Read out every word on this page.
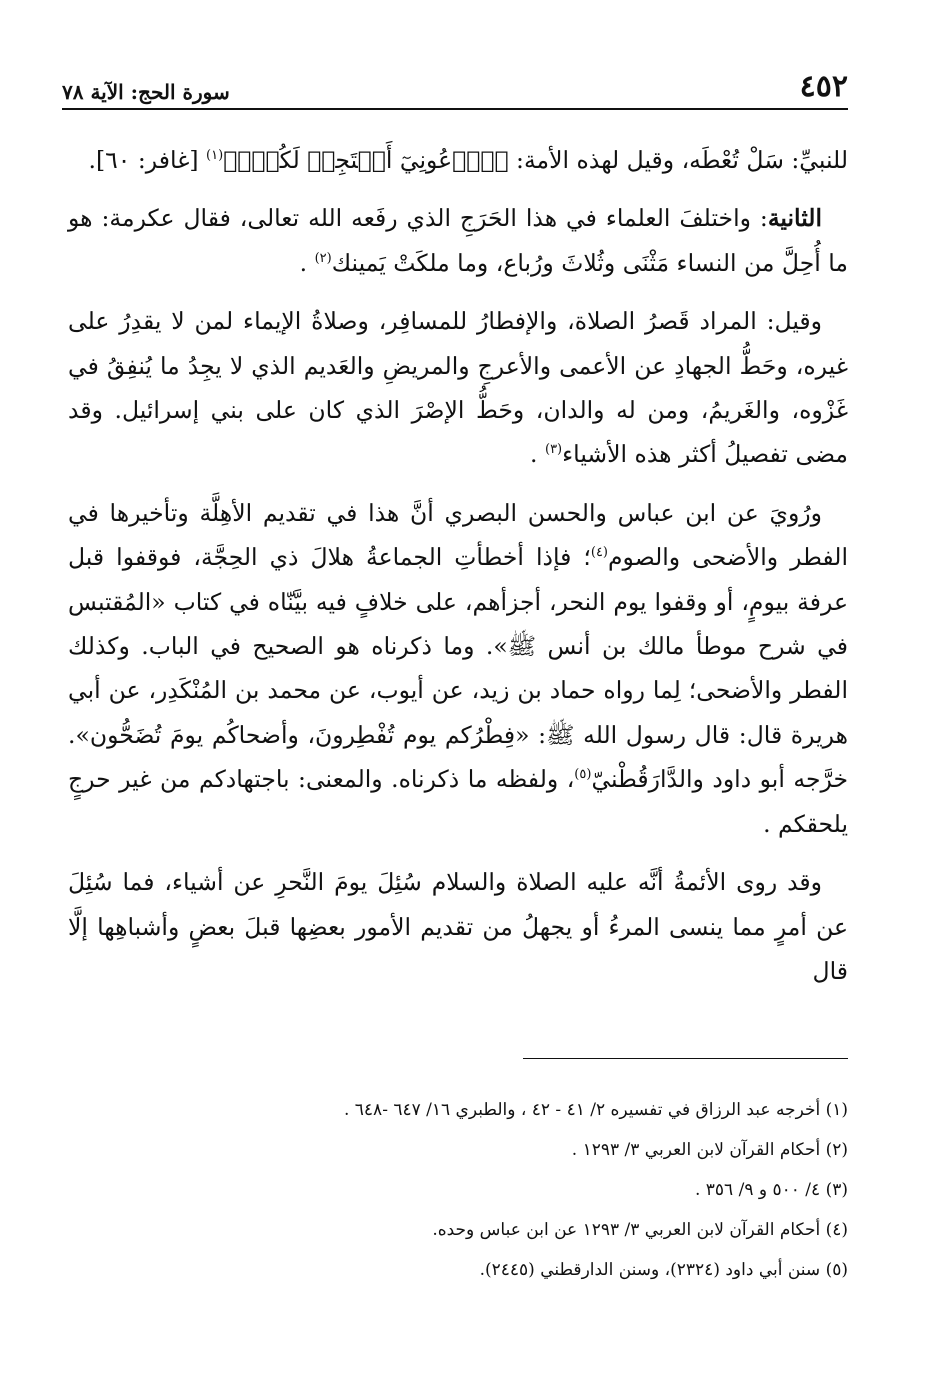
٤٥٢
سورة الحج: الآية ٧٨

للنبيِّ: سَلْ تُعْطَه، وقيل لهذه الأمة: ﴿ٱدۡعُونِيٓ أَسۡتَجِبۡ لَكُمۡۚ﴾$^{(١)}$ [غافر: ٦٠].

الثانية: واختلفَ العلماء في هذا الحَرَجِ الذي رفَعه الله تعالى، فقال عكرمة: هو ما أُحِلَّ من النساء مَثْنَى وثُلاثَ ورُباع، وما ملكَتْ يَمينك$^{(٢)}$ .

وقيل: المراد قَصرُ الصلاة، والإفطارُ للمسافِر، وصلاةُ الإيماء لمن لا يقدِرُ على غيره، وحَطُّ الجهادِ عن الأعمى والأعرجِ والمريضِ والعَديم الذي لا يجِدُ ما يُنفِقُ في غَزْوه، والغَريمُ، ومن له والدان، وحَطُّ الإصْرَ الذي كان على بني إسرائيل. وقد مضى تفصيلُ أكثر هذه الأشياء$^{(٣)}$ .

ورُويَ عن ابن عباس والحسن البصري أنَّ هذا في تقديم الأهِلَّة وتأخيرها في الفطر والأضحى والصوم$^{(٤)}$؛ فإذا أخطأتِ الجماعةُ هلالَ ذي الحِجَّة، فوقفوا قبل عرفة بيومٍ، أو وقفوا يوم النحر، أجزأهم، على خلافٍ فيه بيَّنّاه في كتاب «المُقتبس في شرح موطأ مالك بن أنس ﷺ». وما ذكرناه هو الصحيح في الباب. وكذلك الفطر والأضحى؛ لِما رواه حماد بن زيد، عن أيوب، عن محمد بن المُنْكَدِر، عن أبي هريرة قال: قال رسول الله ﷺ: «فِطْرُكم يوم تُفْطِرونَ، وأضحاكُم يومَ تُضَحُّون». خرَّجه أبو داود والدَّارَقُطْنيّ$^{(٥)}$، ولفظه ما ذكرناه. والمعنى: باجتهادكم من غير حرجٍ يلحقكم .

وقد روى الأئمةُ أنَّه عليه الصلاة والسلام سُئِلَ يومَ النَّحرِ عن أشياء، فما سُئِلَ عن أمرٍ مما ينسى المرءُ أو يجهلُ من تقديم الأمور بعضِها قبلَ بعضٍ وأشباهِها إلَّا قال

(١) أخرجه عبد الرزاق في تفسيره ٢/ ٤١ - ٤٢ ، والطبري ١٦/ ٦٤٧ -٦٤٨ .
(٢) أحكام القرآن لابن العربي ٣/ ١٢٩٣ .
(٣) ٤/ ٥٠٠ و ٩/ ٣٥٦ .
(٤) أحكام القرآن لابن العربي ٣/ ١٢٩٣ عن ابن عباس وحده.
(٥) سنن أبي داود (٢٣٢٤)، وسنن الدارقطني (٢٤٤٥).
